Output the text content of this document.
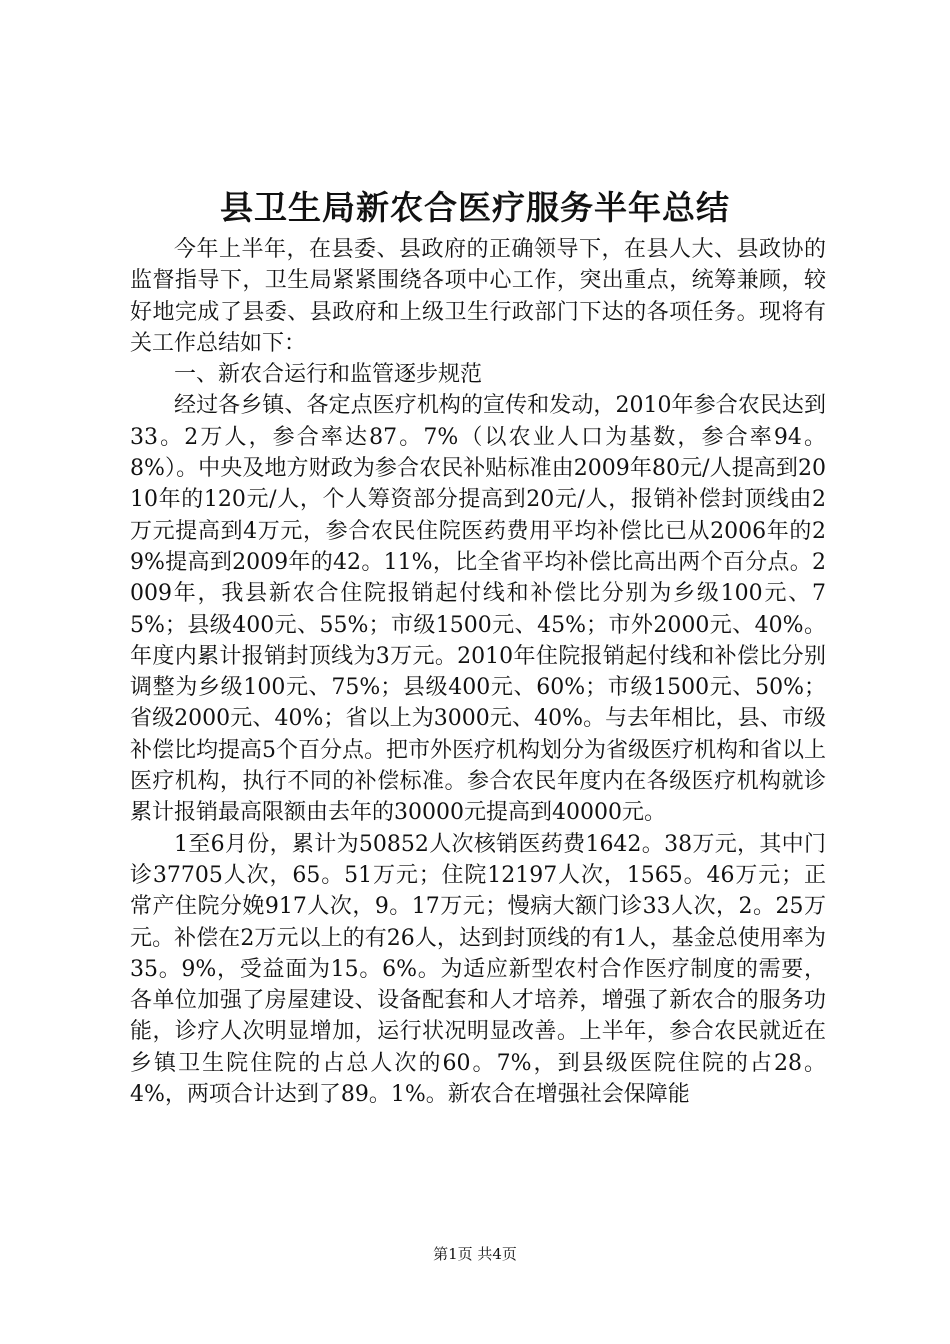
县卫生局新农合医疗服务半年总结

今年上半年，在县委、县政府的正确领导下，在县人大、县政协的监督指导下，卫生局紧紧围绕各项中心工作，突出重点，统筹兼顾，较好地完成了县委、县政府和上级卫生行政部门下达的各项任务。现将有关工作总结如下：

一、新农合运行和监管逐步规范

经过各乡镇、各定点医疗机构的宣传和发动，2010年参合农民达到33。2万人，参合率达87。7%（以农业人口为基数，参合率94。8%）。中央及地方财政为参合农民补贴标准由2009年80元/人提高到2010年的120元/人，个人筹资部分提高到20元/人，报销补偿封顶线由2万元提高到4万元，参合农民住院医药费用平均补偿比已从2006年的29%提高到2009年的42。11%，比全省平均补偿比高出两个百分点。2009年，我县新农合住院报销起付线和补偿比分别为乡级100元、75%；县级400元、55%；市级1500元、45%；市外2000元、40%。年度内累计报销封顶线为3万元。2010年住院报销起付线和补偿比分别调整为乡级100元、75%；县级400元、60%；市级1500元、50%；省级2000元、40%；省以上为3000元、40%。与去年相比，县、市级补偿比均提高5个百分点。把市外医疗机构划分为省级医疗机构和省以上医疗机构，执行不同的补偿标准。参合农民年度内在各级医疗机构就诊累计报销最高限额由去年的30000元提高到40000元。

1至6月份，累计为50852人次核销医药费1642。38万元，其中门诊37705人次，65。51万元；住院12197人次，1565。46万元；正常产住院分娩917人次，9。17万元；慢病大额门诊33人次，2。25万元。补偿在2万元以上的有26人，达到封顶线的有1人，基金总使用率为35。9%，受益面为15。6%。为适应新型农村合作医疗制度的需要，各单位加强了房屋建设、设备配套和人才培养，增强了新农合的服务功能，诊疗人次明显增加，运行状况明显改善。上半年，参合农民就近在乡镇卫生院住院的占总人次的60。7%，到县级医院住院的占28。4%，两项合计达到了89。1%。新农合在增强社会保障能

第1页 共4页
